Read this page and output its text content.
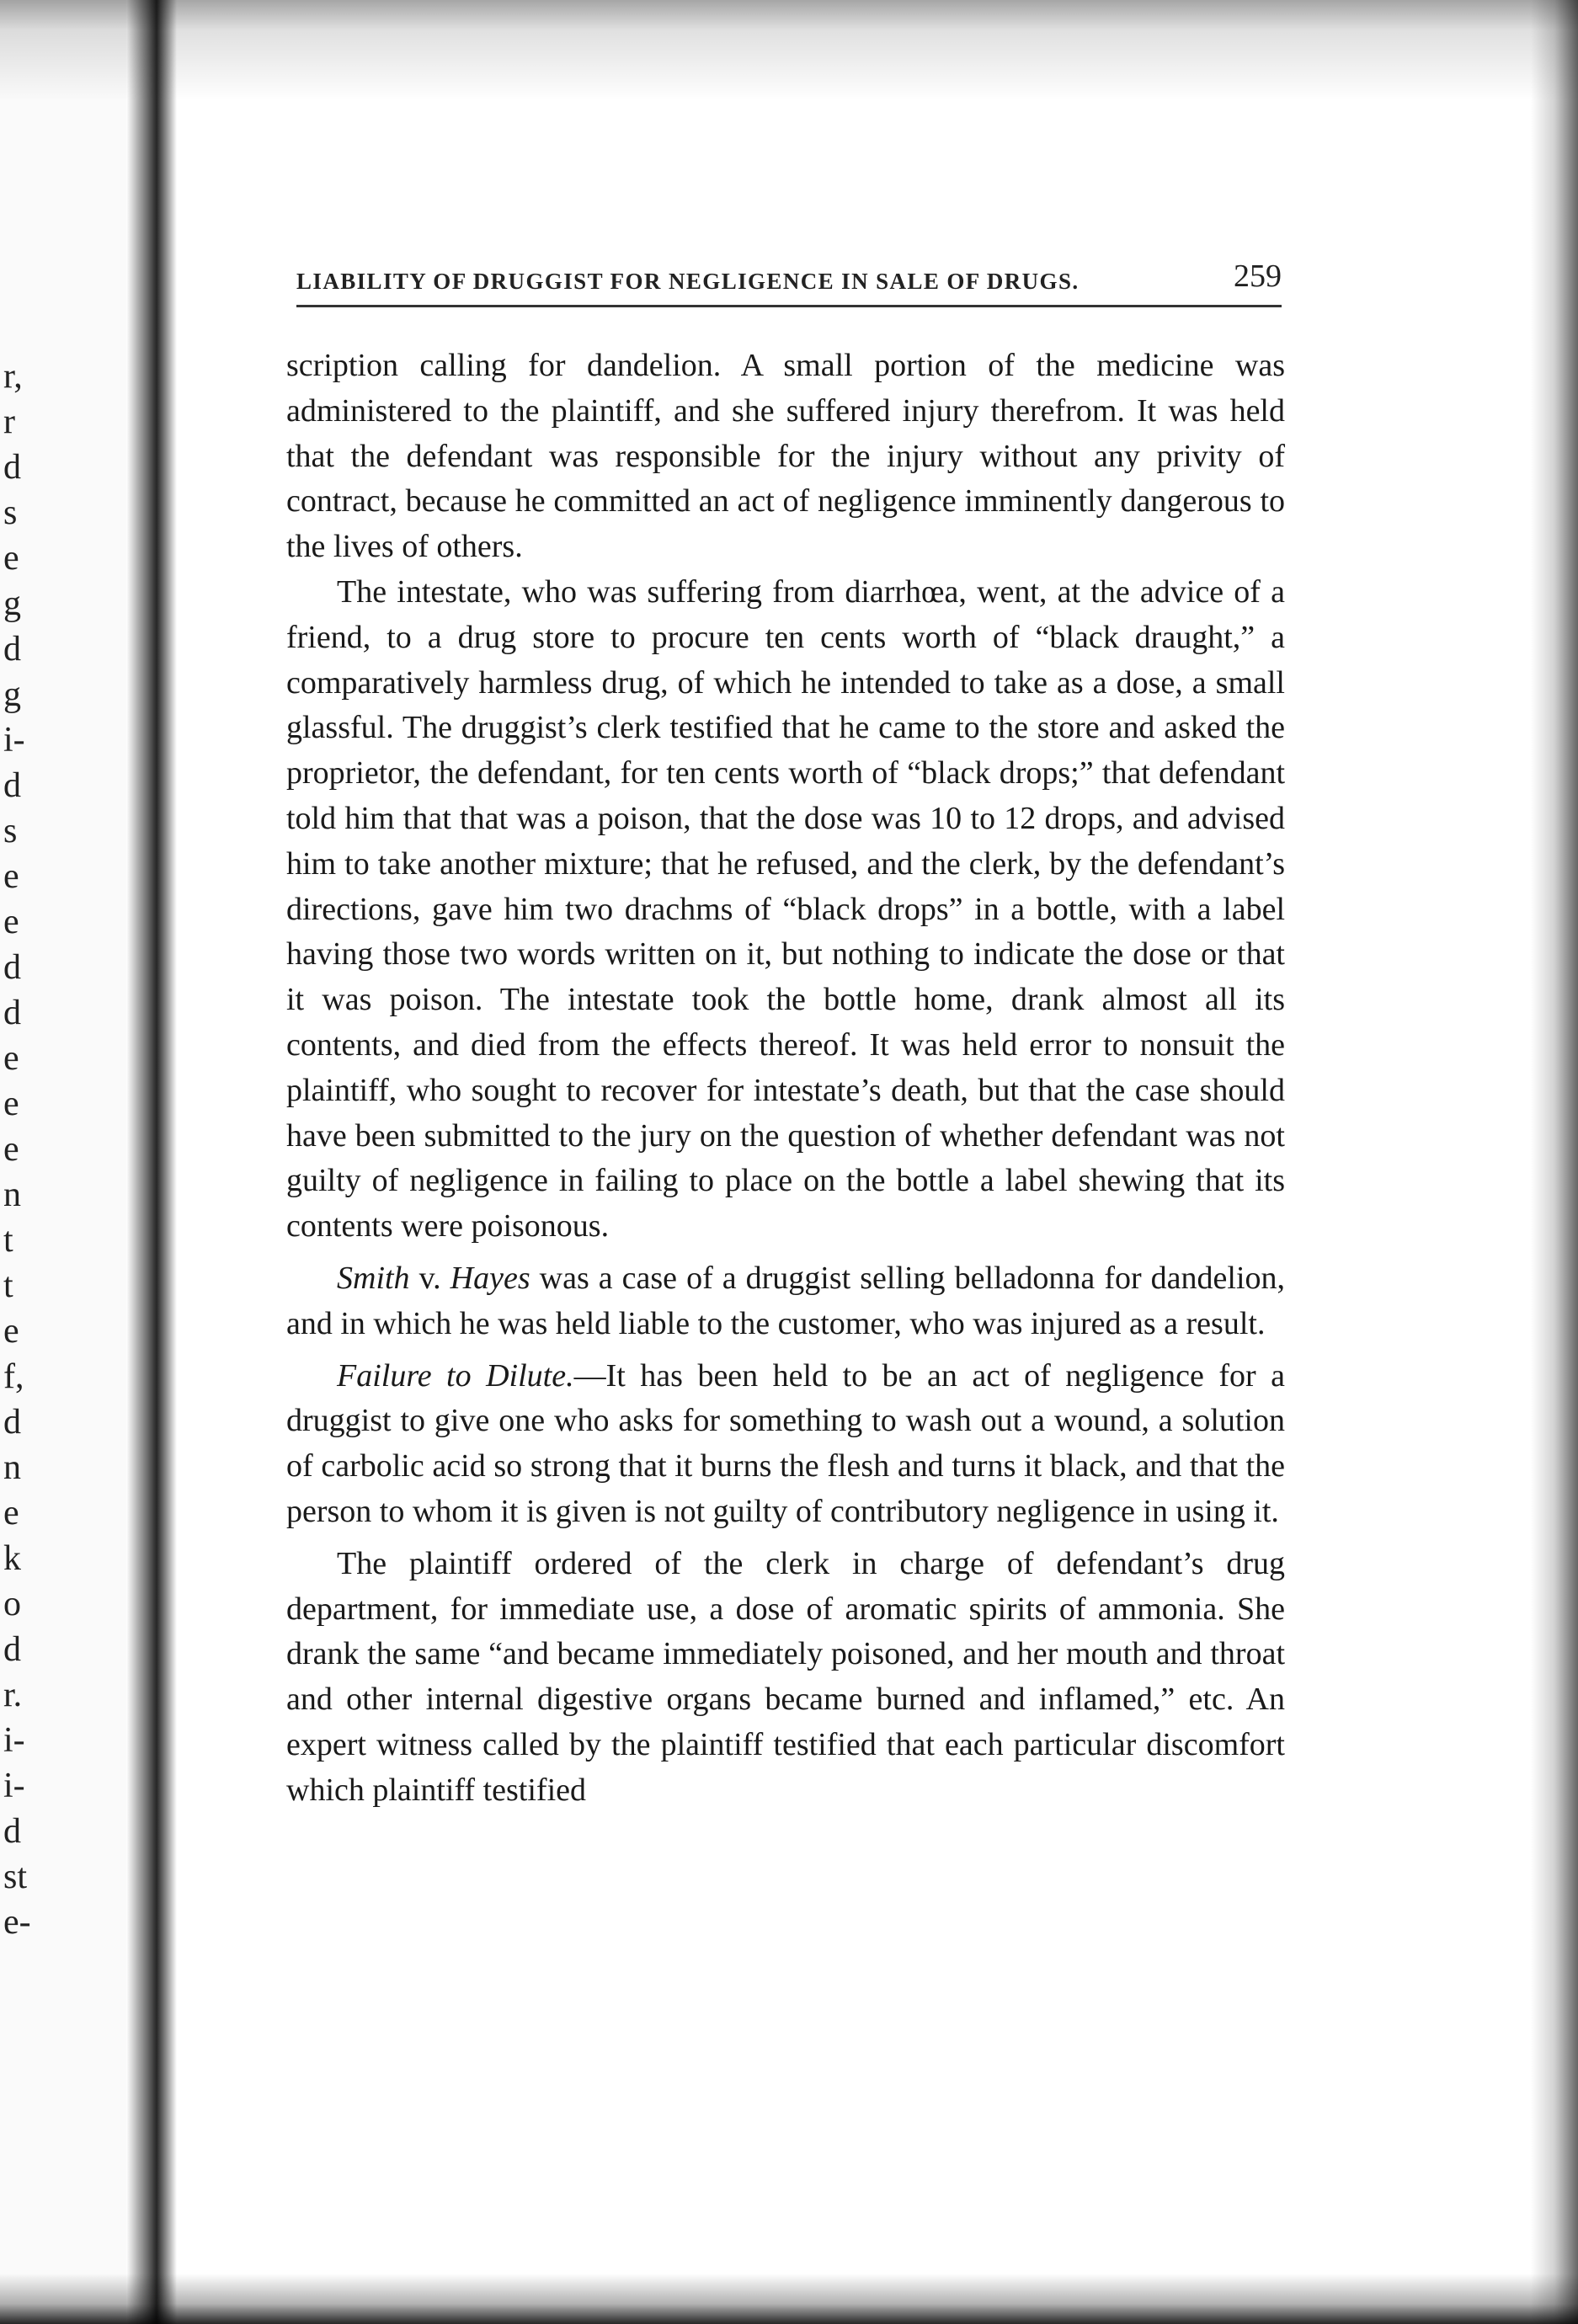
r,
r
d
s
e
g
d
g
i-
d
s
e
e
d
d
e
e
e
n
t
t
e
f,
d
n
e
k
o
d
r.
i-
i-
d
st
e-
LIABILITY OF DRUGGIST FOR NEGLIGENCE IN SALE OF DRUGS.	259

scription calling for dandelion. A small portion of the medicine was administered to the plaintiff, and she suffered injury therefrom. It was held that the defendant was responsible for the injury without any privity of contract, because he committed an act of negligence imminently dangerous to the lives of others.

The intestate, who was suffering from diarrhœa, went, at the advice of a friend, to a drug store to procure ten cents worth of “black draught,” a comparatively harmless drug, of which he intended to take as a dose, a small glassful. The druggist’s clerk testified that he came to the store and asked the proprietor, the defendant, for ten cents worth of “black drops;” that defendant told him that that was a poison, that the dose was 10 to 12 drops, and advised him to take another mixture; that he refused, and the clerk, by the defendant’s directions, gave him two drachms of “black drops” in a bottle, with a label having those two words written on it, but nothing to indicate the dose or that it was poison. The intestate took the bottle home, drank almost all its contents, and died from the effects thereof. It was held error to nonsuit the plaintiff, who sought to recover for intestate’s death, but that the case should have been submitted to the jury on the question of whether defendant was not guilty of negligence in failing to place on the bottle a label shewing that its contents were poisonous.

Smith v. Hayes was a case of a druggist selling belladonna for dandelion, and in which he was held liable to the customer, who was injured as a result.

Failure to Dilute.—It has been held to be an act of negligence for a druggist to give one who asks for something to wash out a wound, a solution of carbolic acid so strong that it burns the flesh and turns it black, and that the person to whom it is given is not guilty of contributory negligence in using it.

The plaintiff ordered of the clerk in charge of defendant’s drug department, for immediate use, a dose of aromatic spirits of ammonia. She drank the same “and became immediately poisoned, and her mouth and throat and other internal digestive organs became burned and inflamed,” etc. An expert witness called by the plaintiff testified that each particular discomfort which plaintiff testified
